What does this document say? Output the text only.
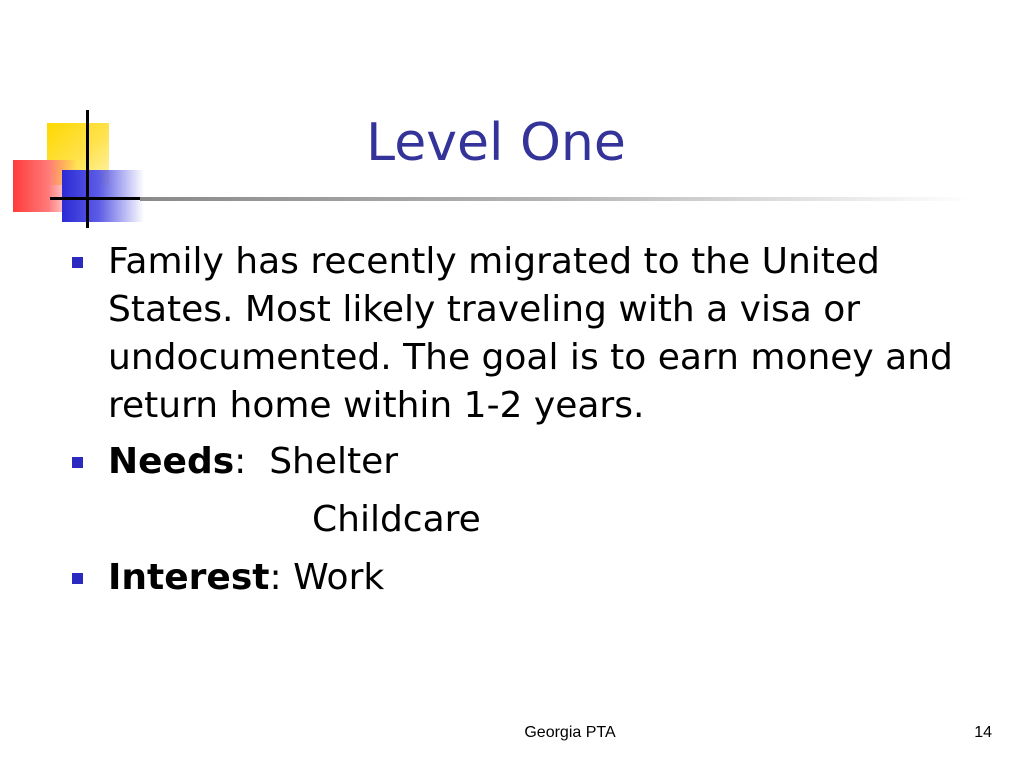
Level One
Family has recently migrated to the United States. Most likely traveling with a visa or undocumented. The goal is to earn money and return home within 1-2 years.
Needs: Shelter
Childcare
Interest: Work
Georgia PTA	14
